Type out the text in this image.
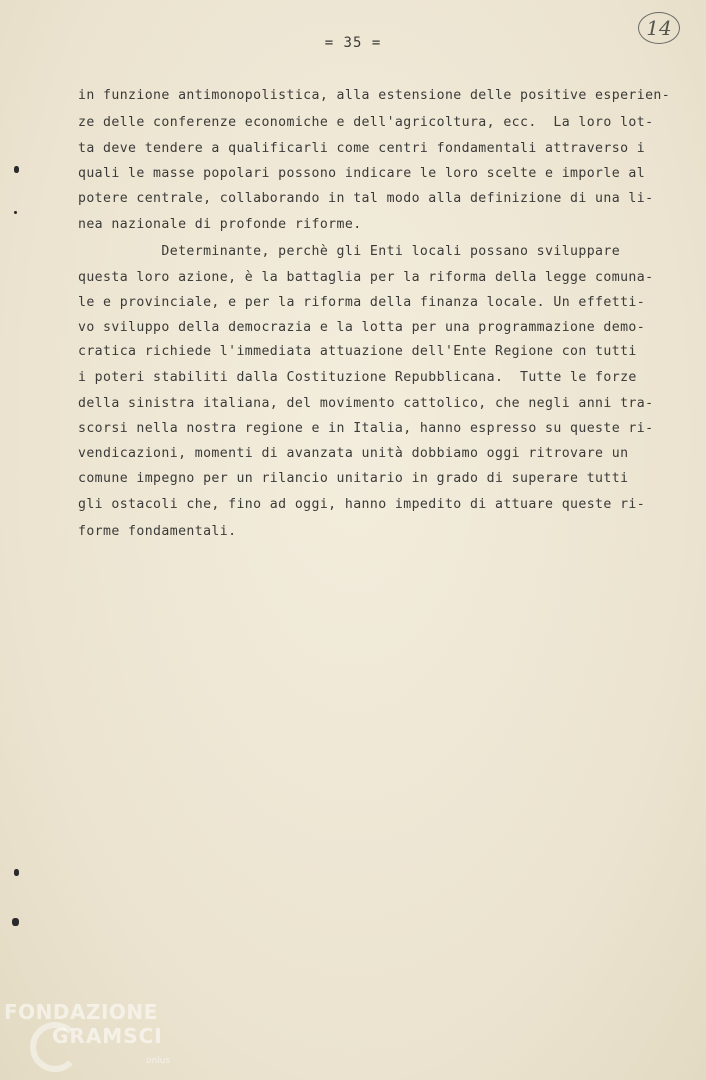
= 35 =
14
in funzione antimonopolistica, alla estensione delle positive esperien-
ze delle conferenze economiche e dell'agricoltura, ecc.  La loro lot-
ta deve tendere a qualificarli come centri fondamentali attraverso i
quali le masse popolari possono indicare le loro scelte e imporle al
potere centrale, collaborando in tal modo alla definizione di una li-
nea nazionale di profonde riforme.
Determinante, perchè gli Enti locali possano sviluppare
questa loro azione, è la battaglia per la riforma della legge comuna-
le e provinciale, e per la riforma della finanza locale. Un effetti-
vo sviluppo della democrazia e la lotta per una programmazione demo-
cratica richiede l'immediata attuazione dell'Ente Regione con tutti
i poteri stabiliti dalla Costituzione Repubblicana.  Tutte le forze
della sinistra italiana, del movimento cattolico, che negli anni tra-
scorsi nella nostra regione e in Italia, hanno espresso su queste ri-
vendicazioni, momenti di avanzata unità dobbiamo oggi ritrovare un
comune impegno per un rilancio unitario in grado di superare tutti
gli ostacoli che, fino ad oggi, hanno impedito di attuare queste ri-
forme fondamentali.
FONDAZIONE
GRAMSCI
onlus
